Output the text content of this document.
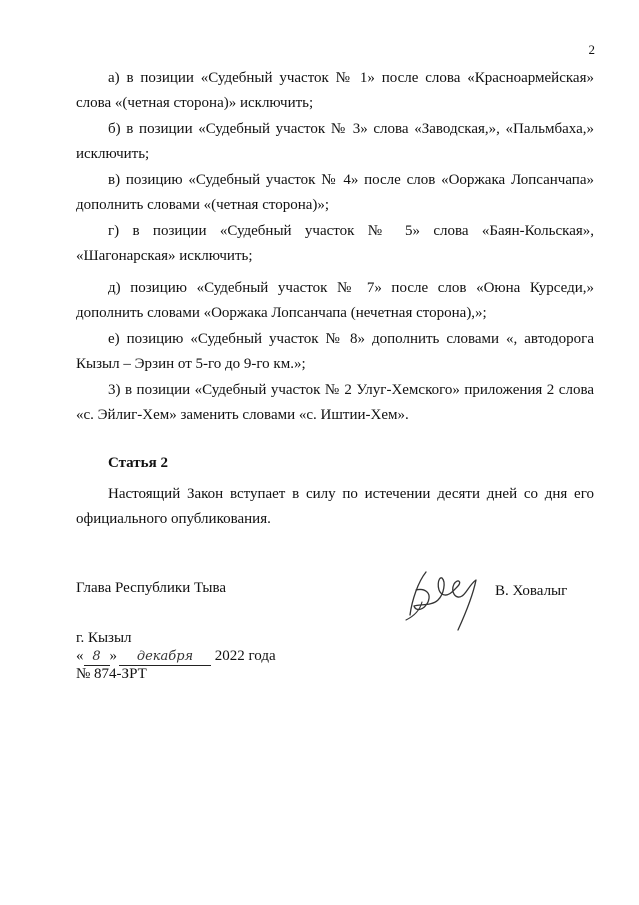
2
а) в позиции «Судебный участок № 1» после слова «Красноармейская» слова «(четная сторона)» исключить;
б) в позиции «Судебный участок № 3» слова «Заводская,», «Пальмбаха,» исключить;
в) позицию «Судебный участок № 4» после слов «Ооржака Лопсанчапа» дополнить словами «(четная сторона)»;
г) в позиции «Судебный участок № 5» слова «Баян-Кольская», «Шагонарская» исключить;
д) позицию «Судебный участок № 7» после слов «Оюна Курседи,» дополнить словами «Ооржака Лопсанчапа (нечетная сторона),»;
е) позицию «Судебный участок № 8» дополнить словами «, автодорога Кызыл – Эрзин от 5-го до 9-го км.»;
3) в позиции «Судебный участок № 2 Улуг-Хемского» приложения 2 слова «с. Эйлиг-Хем» заменить словами «с. Иштии-Хем».
Статья 2
Настоящий Закон вступает в силу по истечении десяти дней со дня его официального опубликования.
Глава Республики Тыва	В. Ховалыг
г. Кызыл
« 8 » декабря 2022 года
№ 874-ЗРТ
